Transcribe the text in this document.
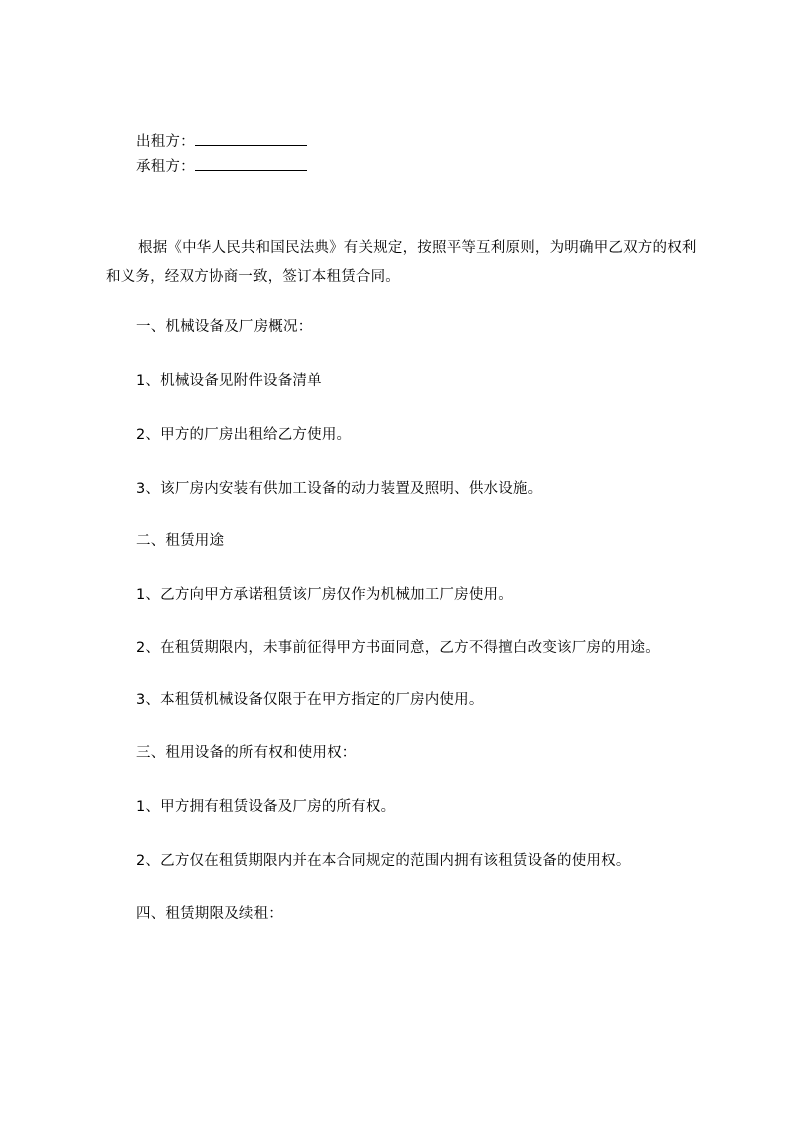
出租方：
承租方：
根据《中华人民共和国民法典》有关规定，按照平等互利原则，为明确甲乙双方的权利和义务，经双方协商一致，签订本租赁合同。
一、机械设备及厂房概况：
1、机械设备见附件设备清单
2、甲方的厂房出租给乙方使用。
3、该厂房内安装有供加工设备的动力装置及照明、供水设施。
二、租赁用途
1、乙方向甲方承诺租赁该厂房仅作为机械加工厂房使用。
2、在租赁期限内，未事前征得甲方书面同意，乙方不得擅白改变该厂房的用途。
3、本租赁机械设备仅限于在甲方指定的厂房内使用。
三、租用设备的所有权和使用权：
1、甲方拥有租赁设备及厂房的所有权。
2、乙方仅在租赁期限内并在本合同规定的范围内拥有该租赁设备的使用权。
四、租赁期限及续租：
